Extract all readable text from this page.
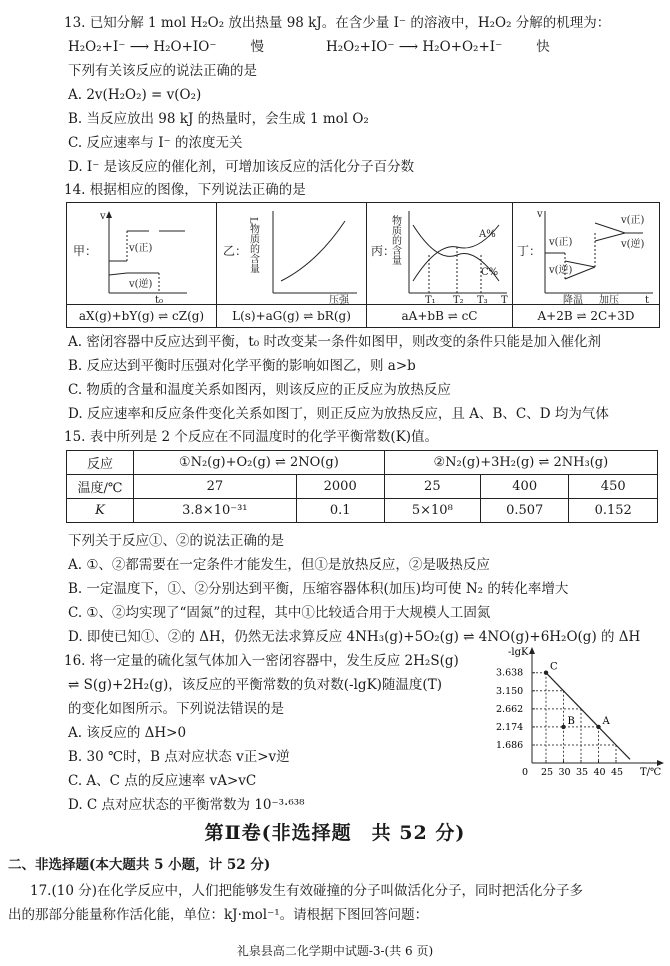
13. 已知分解 1 mol H₂O₂ 放出热量 98 kJ。在含少量 I⁻ 的溶液中，H₂O₂ 分解的机理为：
H₂O₂+I⁻ ⟶ H₂O+IO⁻	慢	H₂O₂+IO⁻ ⟶ H₂O+O₂+I⁻	快
下列有关该反应的说法正确的是
A. 2v(H₂O₂) = v(O₂)
B. 当反应放出 98 kJ 的热量时，会生成 1 mol O₂
C. 反应速率与 I⁻ 的浓度无关
D. I⁻ 是该反应的催化剂，可增加该反应的活化分子百分数
14. 根据相应的图像，下列说法正确的是
甲：
v
v(正)
v(逆)
t₀
aX(g)+bY(g) ⇌ cZ(g)
乙： L物质的含量
压强
L(s)+aG(g) ⇌ bR(g)
丙：
物质的含量	A%
C%
T₁ T₂ T₃ T
aA+bB ⇌ cC
丁：
v
v(正)
v(逆)
v(正)
v(逆)
降温 加压	t
A+2B ⇌ 2C+3D
A. 密闭容器中反应达到平衡，t₀ 时改变某一条件如图甲，则改变的条件只能是加入催化剂
B. 反应达到平衡时压强对化学平衡的影响如图乙，则 a>b
C. 物质的含量和温度关系如图丙，则该反应的正反应为放热反应
D. 反应速率和反应条件变化关系如图丁，则正反应为放热反应，且 A、B、C、D 均为气体
15. 表中所列是 2 个反应在不同温度时的化学平衡常数(K)值。
反应	①N₂(g)+O₂(g) ⇌ 2NO(g)		②N₂(g)+3H₂(g) ⇌ 2NH₃(g)		
温度/℃	27	2000	25	400	450
K	3.8×10⁻³¹	0.1	5×10⁸	0.507	0.152
下列关于反应①、②的说法正确的是
A. ①、②都需要在一定条件才能发生，但①是放热反应，②是吸热反应
B. 一定温度下，①、②分别达到平衡，压缩容器体积(加压)均可使 N₂ 的转化率增大
C. ①、②均实现了“固氮”的过程，其中①比较适合用于大规模人工固氮
D. 即使已知①、②的 ΔH，仍然无法求算反应 4NH₃(g)+5O₂(g) ⇌ 4NO(g)+6H₂O(g) 的 ΔH
16. 将一定量的硫化氢气体加入一密闭容器中，发生反应 2H₂S(g)
⇌ S(g)+2H₂(g)，该反应的平衡常数的负对数(-lgK)随温度(T)
的变化如图所示。下列说法错误的是
A. 该反应的 ΔH>0
B. 30 ℃时，B 点对应状态 v正>v逆
C. A、C 点的反应速率 vA>vC
D. C 点对应状态的平衡常数为 10⁻³·⁶³⁸
-lgK
T/℃
3.638
3.150
2.662
2.174
1.686
0 25 30 35 40 45
C
B	A
第Ⅱ卷(非选择题　共 52 分)
二、非选择题(本大题共 5 小题，计 52 分)
17.(10 分)在化学反应中，人们把能够发生有效碰撞的分子叫做活化分子，同时把活化分子多
出的那部分能量称作活化能，单位：kJ·mol⁻¹。请根据下图回答问题：
礼泉县高二化学期中试题-3-(共 6 页)
